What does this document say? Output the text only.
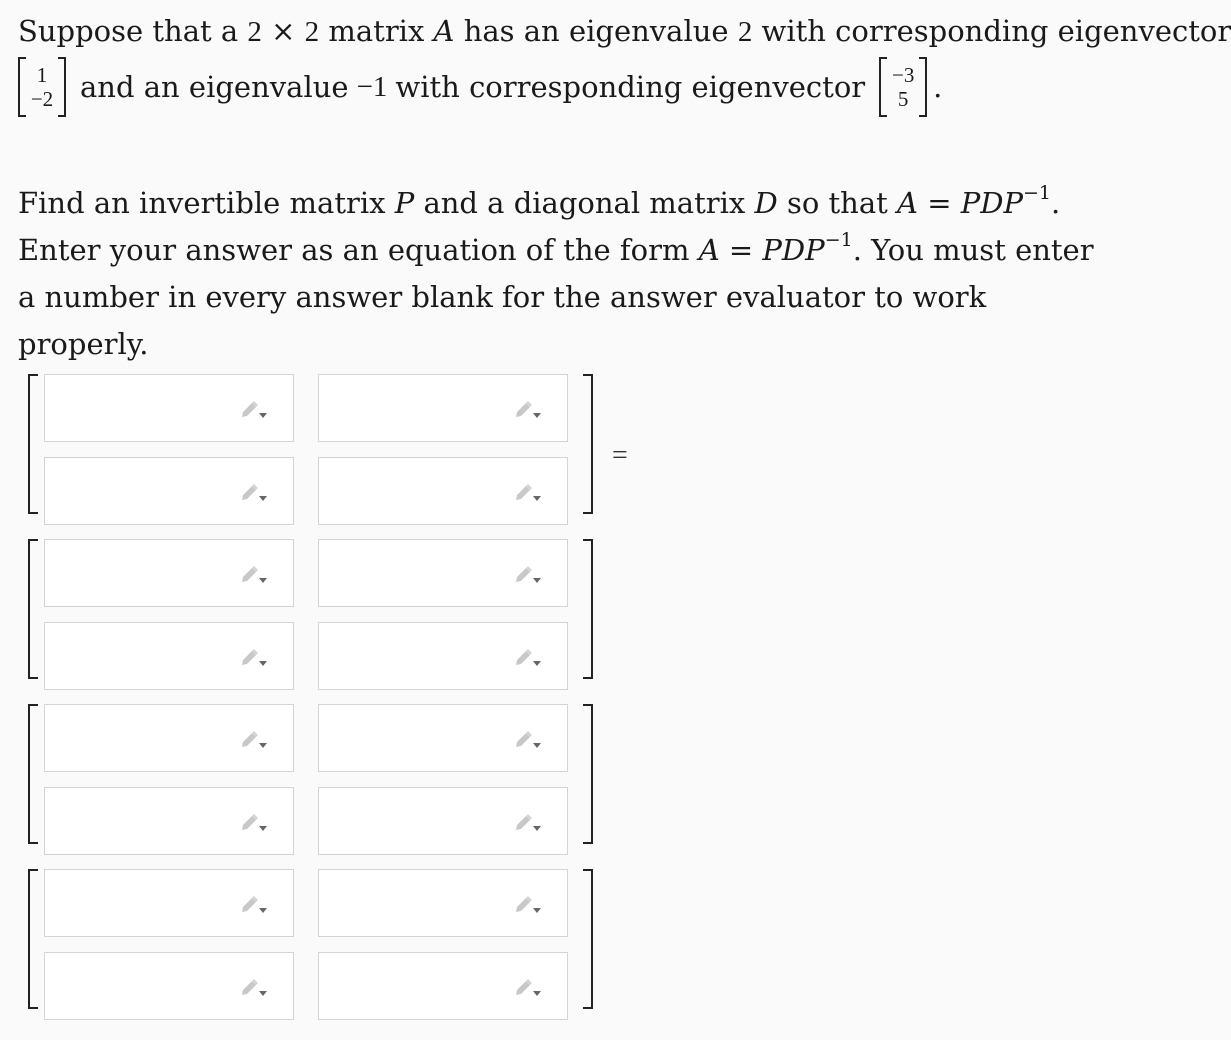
Suppose that a 2 × 2 matrix A has an eigenvalue 2 with corresponding eigenvector
1
−2 and an eigenvalue −1 with corresponding eigenvector −3
5 .
Find an invertible matrix P and a diagonal matrix D so that $A = PDP^{-1}$. Enter your answer as an equation of the form $A = PDP^{-1}$. You must enter a number in every answer blank for the answer evaluator to work properly.
=
